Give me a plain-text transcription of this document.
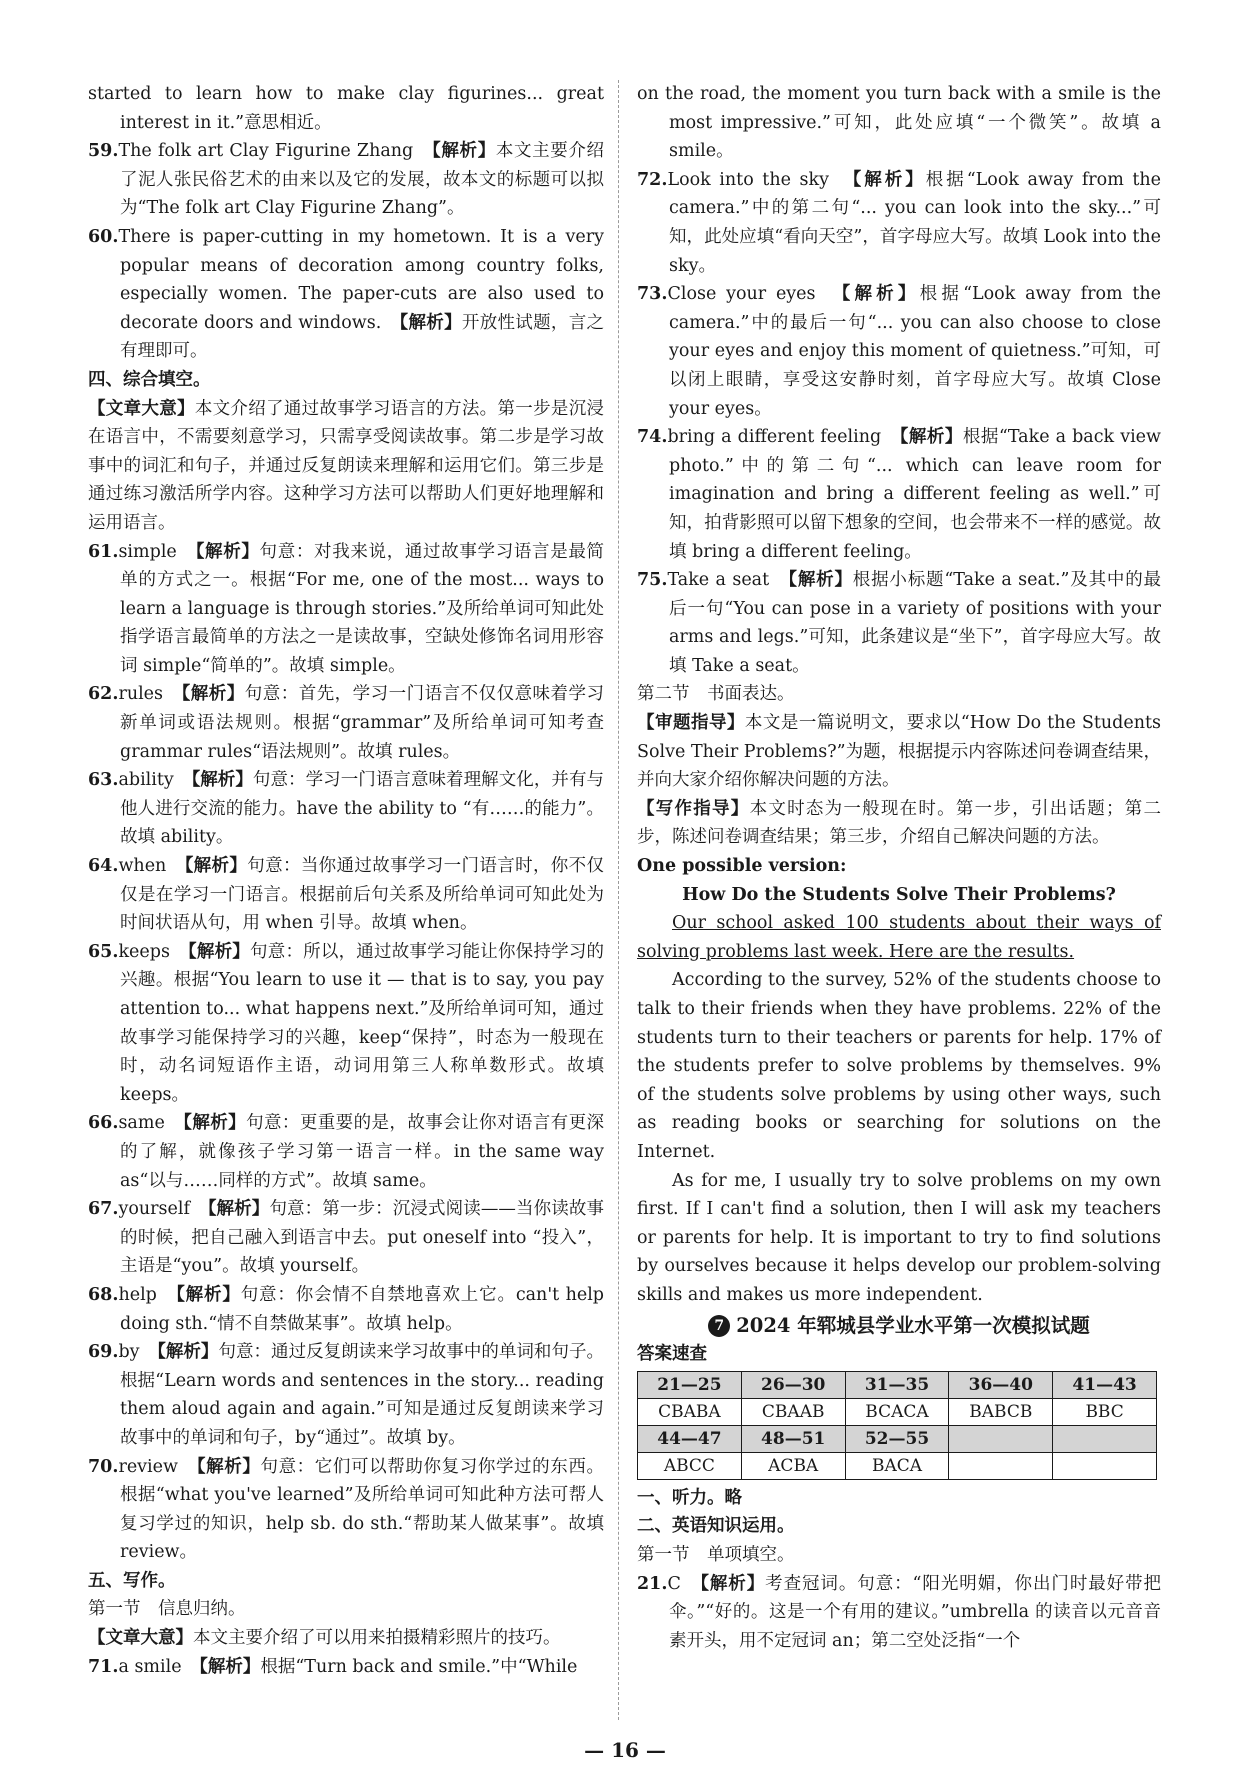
started to learn how to make clay figurines... great interest in it.”意思相近。

59.The folk art Clay Figurine Zhang　 【解析】本文主要介绍了泥人张民俗艺术的由来以及它的发展，故本文的标题可以拟为“The folk art Clay Figurine Zhang”。

60.There is paper-cutting in my hometown. It is a very popular means of decoration among country folks, especially women. The paper-cuts are also used to decorate doors and windows.　 【解析】开放性试题，言之有理即可。

四、综合填空。

【文章大意】本文介绍了通过故事学习语言的方法。第一步是沉浸在语言中，不需要刻意学习，只需享受阅读故事。第二步是学习故事中的词汇和句子，并通过反复朗读来理解和运用它们。第三步是通过练习激活所学内容。这种学习方法可以帮助人们更好地理解和运用语言。

61.simple　 【解析】句意：对我来说，通过故事学习语言是最简单的方式之一。根据“For me, one of the most... ways to learn a language is through stories.”及所给单词可知此处指学语言最简单的方法之一是读故事，空缺处修饰名词用形容词 simple“简单的”。故填 simple。

62.rules　 【解析】句意：首先，学习一门语言不仅仅意味着学习新单词或语法规则。根据“grammar”及所给单词可知考查 grammar rules“语法规则”。故填 rules。

63.ability　 【解析】句意：学习一门语言意味着理解文化，并有与他人进行交流的能力。have the ability to “有……的能力”。故填 ability。

64.when　 【解析】句意：当你通过故事学习一门语言时，你不仅仅是在学习一门语言。根据前后句关系及所给单词可知此处为时间状语从句，用 when 引导。故填 when。

65.keeps　 【解析】句意：所以，通过故事学习能让你保持学习的兴趣。根据“You learn to use it — that is to say, you pay attention to... what happens next.”及所给单词可知，通过故事学习能保持学习的兴趣，keep“保持”，时态为一般现在时，动名词短语作主语，动词用第三人称单数形式。故填 keeps。

66.same　 【解析】句意：更重要的是，故事会让你对语言有更深的了解，就像孩子学习第一语言一样。in the same way as“以与……同样的方式”。故填 same。

67.yourself　 【解析】句意：第一步：沉浸式阅读——当你读故事的时候，把自己融入到语言中去。put oneself into “投入”，主语是“you”。故填 yourself。

68.help　 【解析】句意：你会情不自禁地喜欢上它。can't help doing sth.“情不自禁做某事”。故填 help。

69.by　 【解析】句意：通过反复朗读来学习故事中的单词和句子。根据“Learn words and sentences in the story... reading them aloud again and again.”可知是通过反复朗读来学习故事中的单词和句子，by“通过”。故填 by。

70.review　 【解析】句意：它们可以帮助你复习你学过的东西。根据“what you've learned”及所给单词可知此种方法可帮人复习学过的知识，help sb. do sth.“帮助某人做某事”。故填 review。

五、写作。

第一节　信息归纳。

【文章大意】本文主要介绍了可以用来拍摄精彩照片的技巧。

71.a smile　 【解析】根据“Turn back and smile.”中“While

on the road, the moment you turn back with a smile is the most impressive.”可知，此处应填“一个微笑”。故填 a smile。

72.Look into the sky　 【解析】根据“Look away from the camera.”中的第二句“... you can look into the sky...”可知，此处应填“看向天空”，首字母应大写。故填 Look into the sky。

73.Close your eyes　 【解析】根据“Look away from the camera.”中的最后一句“... you can also choose to close your eyes and enjoy this moment of quietness.”可知，可以闭上眼睛，享受这安静时刻，首字母应大写。故填 Close your eyes。

74.bring a different feeling　 【解析】根据“Take a back view photo.”中的第二句“... which can leave room for imagination and bring a different feeling as well.”可知，拍背影照可以留下想象的空间，也会带来不一样的感觉。故填 bring a different feeling。

75.Take a seat　 【解析】根据小标题“Take a seat.”及其中的最后一句“You can pose in a variety of positions with your arms and legs.”可知，此条建议是“坐下”，首字母应大写。故填 Take a seat。

第二节　书面表达。

【审题指导】本文是一篇说明文，要求以“How Do the Students Solve Their Problems?”为题，根据提示内容陈述问卷调查结果，并向大家介绍你解决问题的方法。

【写作指导】本文时态为一般现在时。第一步，引出话题；第二步，陈述问卷调查结果；第三步，介绍自己解决问题的方法。

One possible version:

How Do the Students Solve Their Problems?

Our school asked 100 students about their ways of solving problems last week. Here are the results.

According to the survey, 52% of the students choose to talk to their friends when they have problems. 22% of the students turn to their teachers or parents for help. 17% of the students prefer to solve problems by themselves. 9% of the students solve problems by using other ways, such as reading books or searching for solutions on the Internet.

As for me, I usually try to solve problems on my own first. If I can't find a solution, then I will ask my teachers or parents for help. It is important to try to find solutions by ourselves because it helps develop our problem-solving skills and makes us more independent.

7 2024 年郓城县学业水平第一次模拟试题

答案速查

21—25	26—30	31—35	36—40	41—43
CBABA	CBAAB	BCACA	BABCB	BBC
44—47	48—51	52—55		
ABCC	ACBA	BACA		

一、听力。略

二、英语知识运用。

第一节　单项填空。

21.C　 【解析】考查冠词。句意：“阳光明媚，你出门时最好带把伞。”“好的。这是一个有用的建议。”umbrella 的读音以元音音素开头，用不定冠词 an；第二空处泛指“一个

— 16 —
